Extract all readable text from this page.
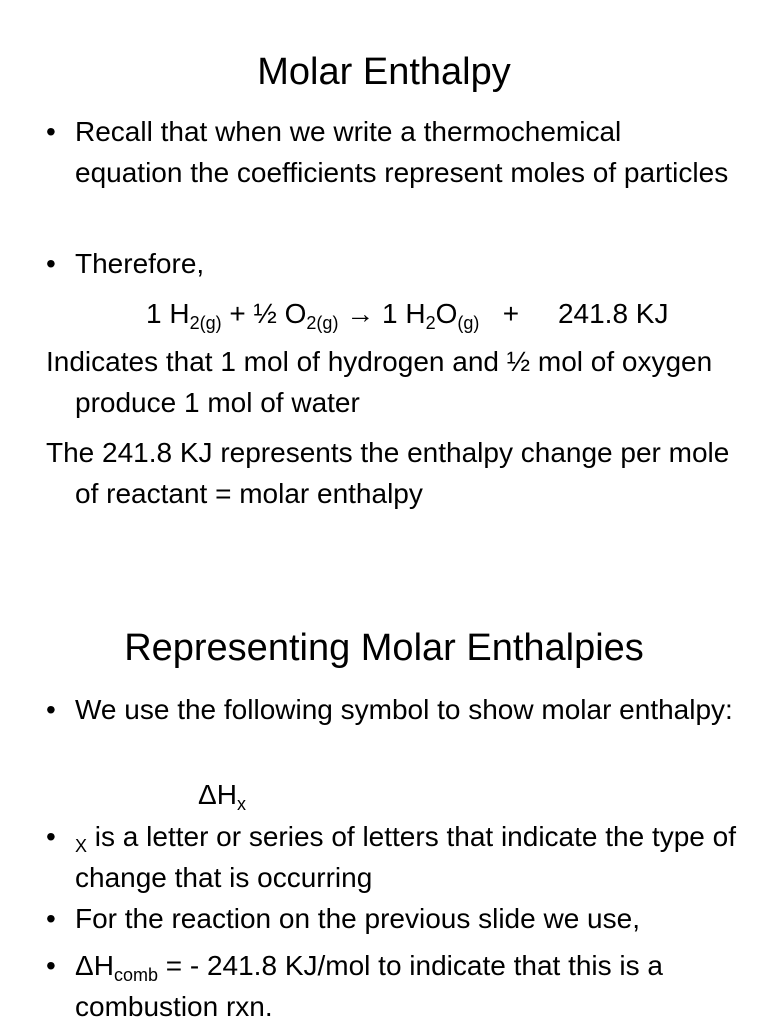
Molar Enthalpy
• Recall that when we write a thermochemical equation the coefficients represent moles of particles
• Therefore,
1 $H_{2(g)}$ + ½ $O_{2(g)} \to 1$ $H_2O_{(g)}$   +     241.8 KJ
Indicates that 1 mol of hydrogen and ½ mol of oxygen produce 1 mol of water
The 241.8 KJ represents the enthalpy change per mole of reactant = molar enthalpy
Representing Molar Enthalpies
• We use the following symbol to show molar enthalpy:
$\Delta H_x$
• $_X$ is a letter or series of letters that indicate the type of change that is occurring
• For the reaction on the previous slide we use,
• $\Delta H_{comb}$ = - 241.8 KJ/mol to indicate that this is a combustion rxn.
